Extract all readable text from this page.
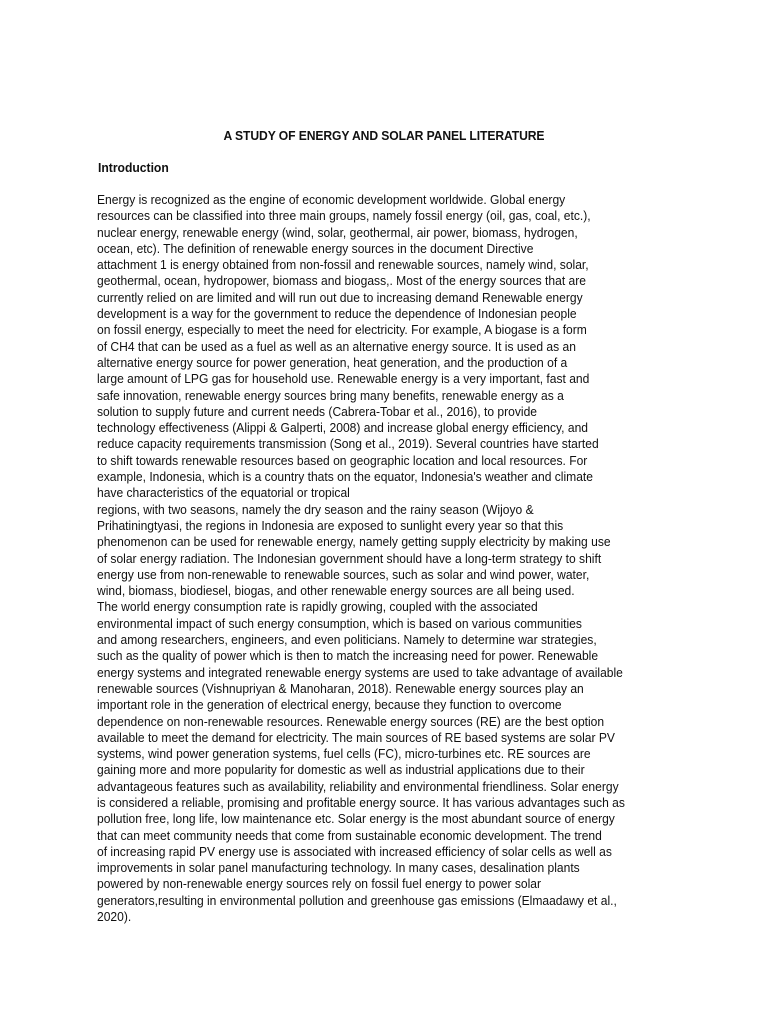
A STUDY OF ENERGY AND SOLAR PANEL LITERATURE
Introduction
Energy is recognized as the engine of economic development worldwide. Global energy
resources can be classified into three main groups, namely fossil energy (oil, gas, coal, etc.),
nuclear energy, renewable energy (wind, solar, geothermal, air power, biomass, hydrogen,
ocean, etc). The definition of renewable energy sources in the document Directive
attachment 1 is energy obtained from non-fossil and renewable sources, namely wind, solar,
geothermal, ocean, hydropower, biomass and biogass,. Most of the energy sources that are
currently relied on are limited and will run out due to increasing demand Renewable energy
development is a way for the government to reduce the dependence of Indonesian people
on fossil energy, especially to meet the need for electricity. For example, A biogase is a form
of CH4 that can be used as a fuel as well as an alternative energy source. It is used as an
alternative energy source for power generation, heat generation, and the production of a
large amount of LPG gas for household use. Renewable energy is a very important, fast and
safe innovation, renewable energy sources bring many benefits, renewable energy as a
solution to supply future and current needs (Cabrera-Tobar et al., 2016), to provide
technology effectiveness (Alippi & Galperti, 2008) and increase global energy efficiency, and
reduce capacity requirements transmission (Song et al., 2019). Several countries have started
to shift towards renewable resources based on geographic location and local resources. For
example, Indonesia, which is a country thats on the equator, Indonesia's weather and climate
have characteristics of the equatorial or tropical
regions, with two seasons, namely the dry season and the rainy season (Wijoyo &
Prihatiningtyasi, the regions in Indonesia are exposed to sunlight every year so that this
phenomenon can be used for renewable energy, namely getting supply electricity by making use
of solar energy radiation. The Indonesian government should have a long-term strategy to shift
energy use from non-renewable to renewable sources, such as solar and wind power, water,
wind, biomass, biodiesel, biogas, and other renewable energy sources are all being used.
The world energy consumption rate is rapidly growing, coupled with the associated
environmental impact of such energy consumption, which is based on various communities
and among researchers, engineers, and even politicians. Namely to determine war strategies,
such as the quality of power which is then to match the increasing need for power. Renewable
energy systems and integrated renewable energy systems are used to take advantage of available
renewable sources (Vishnupriyan & Manoharan, 2018). Renewable energy sources play an
important role in the generation of electrical energy, because they function to overcome
dependence on non-renewable resources. Renewable energy sources (RE) are the best option
available to meet the demand for electricity. The main sources of RE based systems are solar PV
systems, wind power generation systems, fuel cells (FC), micro-turbines etc. RE sources are
gaining more and more popularity for domestic as well as industrial applications due to their
advantageous features such as availability, reliability and environmental friendliness. Solar energy
is considered a reliable, promising and profitable energy source. It has various advantages such as
pollution free, long life, low maintenance etc. Solar energy is the most abundant source of energy
that can meet community needs that come from sustainable economic development. The trend
of increasing rapid PV energy use is associated with increased efficiency of solar cells as well as
improvements in solar panel manufacturing technology. In many cases, desalination plants
powered by non-renewable energy sources rely on fossil fuel energy to power solar
generators,resulting in environmental pollution and greenhouse gas emissions (Elmaadawy et al.,
2020).
